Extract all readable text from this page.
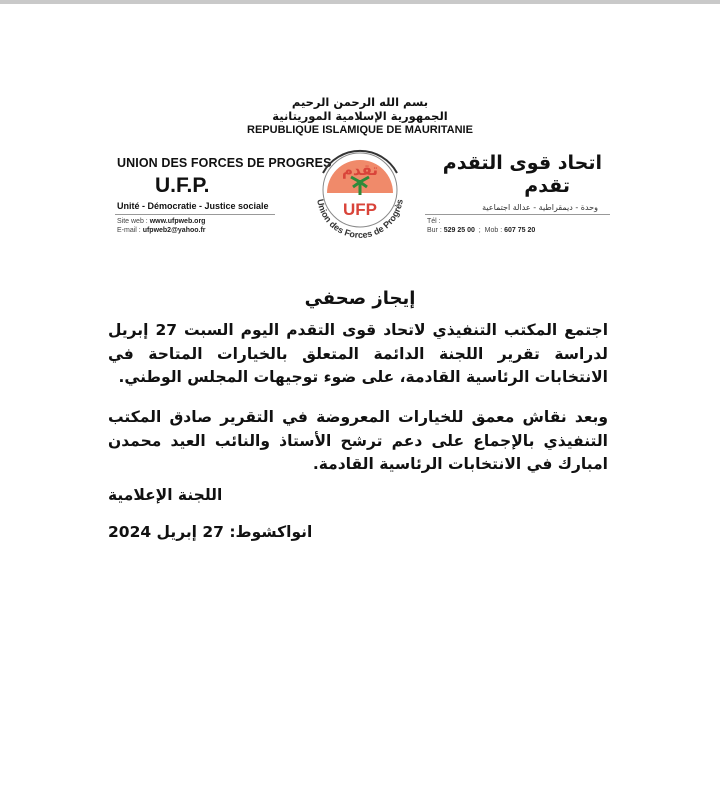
بسم الله الرحمن الرحيم
الجمهورية الإسلامية الموريتانية
REPUBLIQUE ISLAMIQUE DE MAURITANIE
UNION DES FORCES DE PROGRES
U.F.P.
Unité - Démocratie - Justice sociale
Site web : www.ufpweb.org
E-mail : ufpweb2@yahoo.fr
تقدم
UFP
Union des Forces de Progrès
اتحاد قوى التقدم
تقدم
وحدة - ديمقراطية - عدالة اجتماعية
Tél :
Bur : 529 25 00  ;  Mob : 607 75 20
إيجاز صحفي
اجتمع المكتب التنفيذي لاتحاد قوى التقدم اليوم السبت 27 إبريل لدراسة تقرير اللجنة الدائمة المتعلق بالخيارات المتاحة في الانتخابات الرئاسية القادمة، على ضوء توجيهات المجلس الوطني.
وبعد نقاش معمق للخيارات المعروضة في التقرير صادق المكتب التنفيذي بالإجماع على دعم ترشح الأستاذ والنائب العيد محمدن امبارك في الانتخابات الرئاسية القادمة.
اللجنة الإعلامية
انواكشوط: 27 إبريل 2024
